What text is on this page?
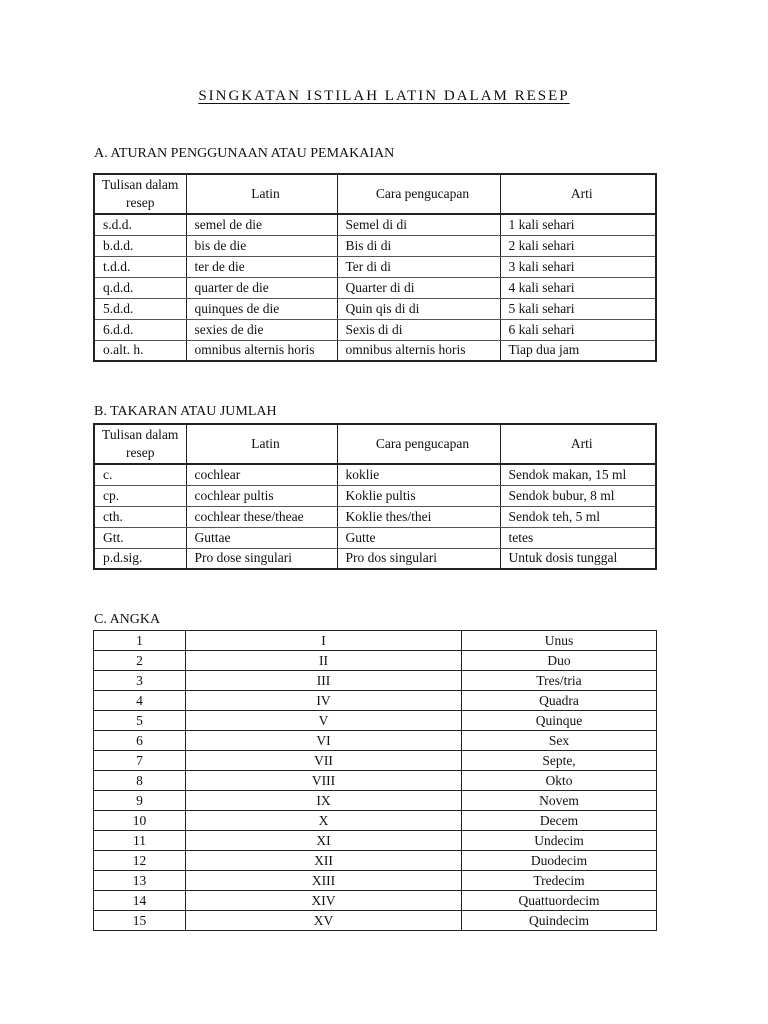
SINGKATAN ISTILAH LATIN DALAM RESEP
A. ATURAN PENGGUNAAN ATAU PEMAKAIAN
Tulisan dalam
resep	Latin	Cara pengucapan	Arti
s.d.d.	semel de die	Semel di di	1 kali sehari
b.d.d.	bis de die	Bis di di	2 kali sehari
t.d.d.	ter de die	Ter di di	3 kali sehari
q.d.d.	quarter de die	Quarter di di	4 kali sehari
5.d.d.	quinques de die	Quin qis di di	5 kali sehari
6.d.d.	sexies de die	Sexis di di	6 kali sehari
o.alt. h.	omnibus alternis horis	omnibus alternis horis	Tiap dua jam
B. TAKARAN ATAU JUMLAH
Tulisan dalam
resep	Latin	Cara pengucapan	Arti
c.	cochlear	koklie	Sendok makan, 15 ml
cp.	cochlear pultis	Koklie pultis	Sendok bubur, 8 ml
cth.	cochlear these/theae	Koklie thes/thei	Sendok teh, 5 ml
Gtt.	Guttae	Gutte	tetes
p.d.sig.	Pro dose singulari	Pro dos singulari	Untuk dosis tunggal
C. ANGKA
1	I	Unus
2	II	Duo
3	III	Tres/tria
4	IV	Quadra
5	V	Quinque
6	VI	Sex
7	VII	Septe,
8	VIII	Okto
9	IX	Novem
10	X	Decem
11	XI	Undecim
12	XII	Duodecim
13	XIII	Tredecim
14	XIV	Quattuordecim
15	XV	Quindecim
